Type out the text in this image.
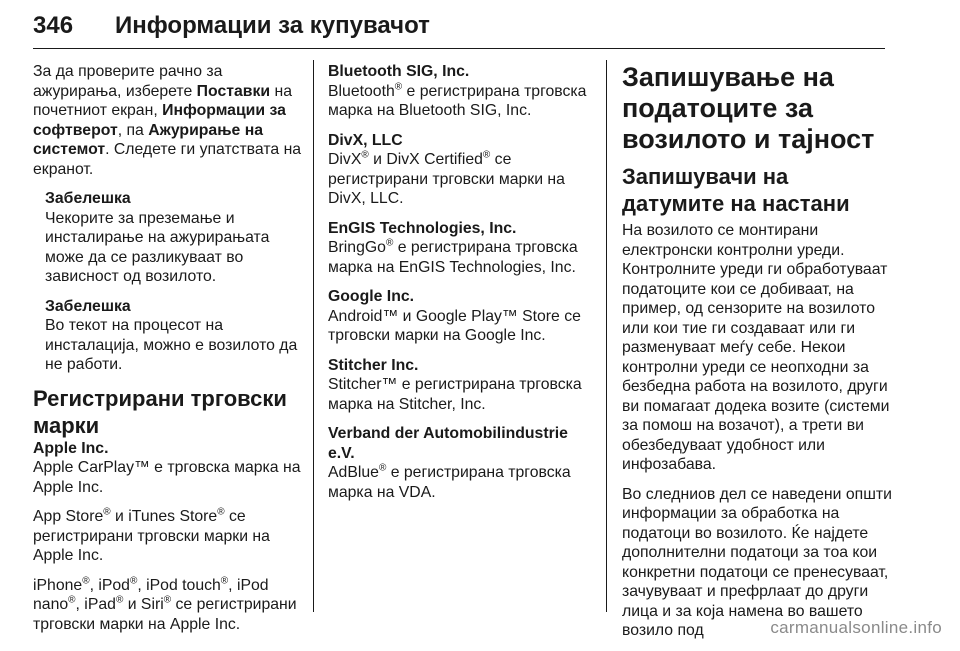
346 Информации за купувачот

За да проверите рачно за ажурирања, изберете Поставки на почетниот екран, Информации за софтверот, па Ажурирање на системот. Следете ги упатствата на екранот.

Забелешка
Чекорите за преземање и инсталирање на ажурирањата може да се разликуваат во зависност од возилото.
Забелешка
Во текот на процесот на инсталација, можно е возилото да не работи.
Регистрирани трговски марки
Apple Inc.

Apple CarPlay™ е трговска марка на Apple Inc.

App Store® и iTunes Store® се регистрирани трговски марки на Apple Inc.

iPhone®, iPod®, iPod touch®, iPod nano®, iPad® и Siri® се регистрирани трговски марки на Apple Inc.

Bluetooth SIG, Inc.

Bluetooth® е регистрирана трговска марка на Bluetooth SIG, Inc.

DivX, LLC

DivX® и DivX Certified® се регистрирани трговски марки на DivX, LLC.

EnGIS Technologies, Inc.

BringGo® е регистрирана трговска марка на EnGIS Technologies, Inc.

Google Inc.

Android™ и Google Play™ Store се трговски марки на Google Inc.

Stitcher Inc.

Stitcher™ е регистрирана трговска марка на Stitcher, Inc.

Verband der Automobilindustrie e.V.

AdBlue® е регистрирана трговска марка на VDA.

Запишување на податоците за возилото и тајност
Запишувачи на датумите на настани

На возилото се монтирани електронски контролни уреди. Контролните уреди ги обработуваат податоците кои се добиваат, на пример, од сензорите на возилото или кои тие ги создаваат или ги разменуваат меѓу себе. Некои контролни уреди се неопходни за безбедна работа на возилото, други ви помагаат додека возите (системи за помош на возачот), а трети ви обезбедуваат удобност или инфозабава.

Во следниов дел се наведени општи информации за обработка на податоци во возилото. Ќе најдете дополнителни податоци за тоа кои конкретни податоци се пренесуваат, зачувуваат и префрлаат до други лица и за која намена во вашето возило под	carmanualsonline.info
